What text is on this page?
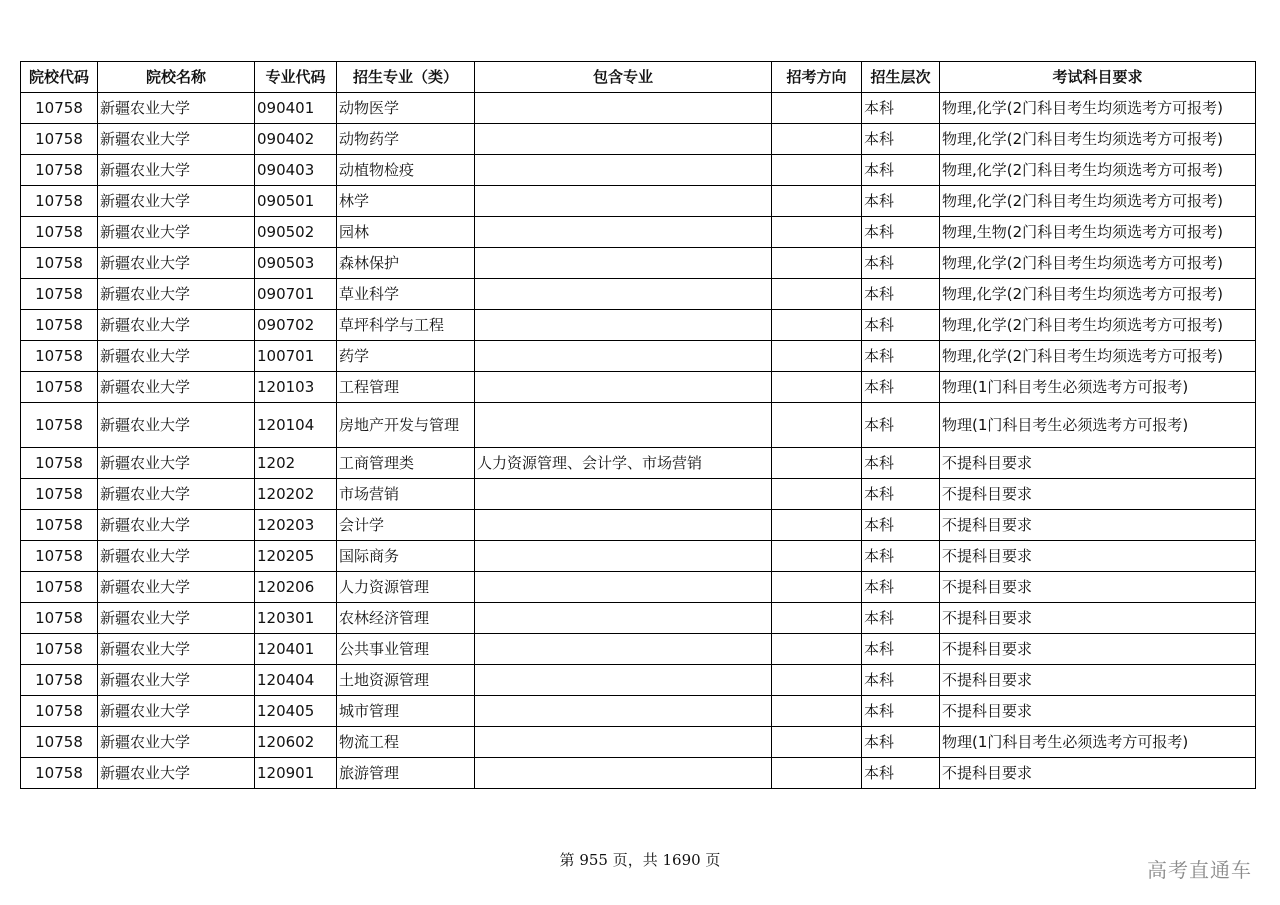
院校代码	院校名称	专业代码	招生专业（类）	包含专业	招考方向	招生层次	考试科目要求
10758	新疆农业大学	090401	动物医学			本科	物理,化学(2门科目考生均须选考方可报考)
10758	新疆农业大学	090402	动物药学			本科	物理,化学(2门科目考生均须选考方可报考)
10758	新疆农业大学	090403	动植物检疫			本科	物理,化学(2门科目考生均须选考方可报考)
10758	新疆农业大学	090501	林学			本科	物理,化学(2门科目考生均须选考方可报考)
10758	新疆农业大学	090502	园林			本科	物理,生物(2门科目考生均须选考方可报考)
10758	新疆农业大学	090503	森林保护			本科	物理,化学(2门科目考生均须选考方可报考)
10758	新疆农业大学	090701	草业科学			本科	物理,化学(2门科目考生均须选考方可报考)
10758	新疆农业大学	090702	草坪科学与工程			本科	物理,化学(2门科目考生均须选考方可报考)
10758	新疆农业大学	100701	药学			本科	物理,化学(2门科目考生均须选考方可报考)
10758	新疆农业大学	120103	工程管理			本科	物理(1门科目考生必须选考方可报考)
10758	新疆农业大学	120104	房地产开发与管理			本科	物理(1门科目考生必须选考方可报考)
10758	新疆农业大学	1202	工商管理类	人力资源管理、会计学、市场营销		本科	不提科目要求
10758	新疆农业大学	120202	市场营销			本科	不提科目要求
10758	新疆农业大学	120203	会计学			本科	不提科目要求
10758	新疆农业大学	120205	国际商务			本科	不提科目要求
10758	新疆农业大学	120206	人力资源管理			本科	不提科目要求
10758	新疆农业大学	120301	农林经济管理			本科	不提科目要求
10758	新疆农业大学	120401	公共事业管理			本科	不提科目要求
10758	新疆农业大学	120404	土地资源管理			本科	不提科目要求
10758	新疆农业大学	120405	城市管理			本科	不提科目要求
10758	新疆农业大学	120602	物流工程			本科	物理(1门科目考生必须选考方可报考)
10758	新疆农业大学	120901	旅游管理			本科	不提科目要求
第 955 页，共 1690 页	高考直通车
